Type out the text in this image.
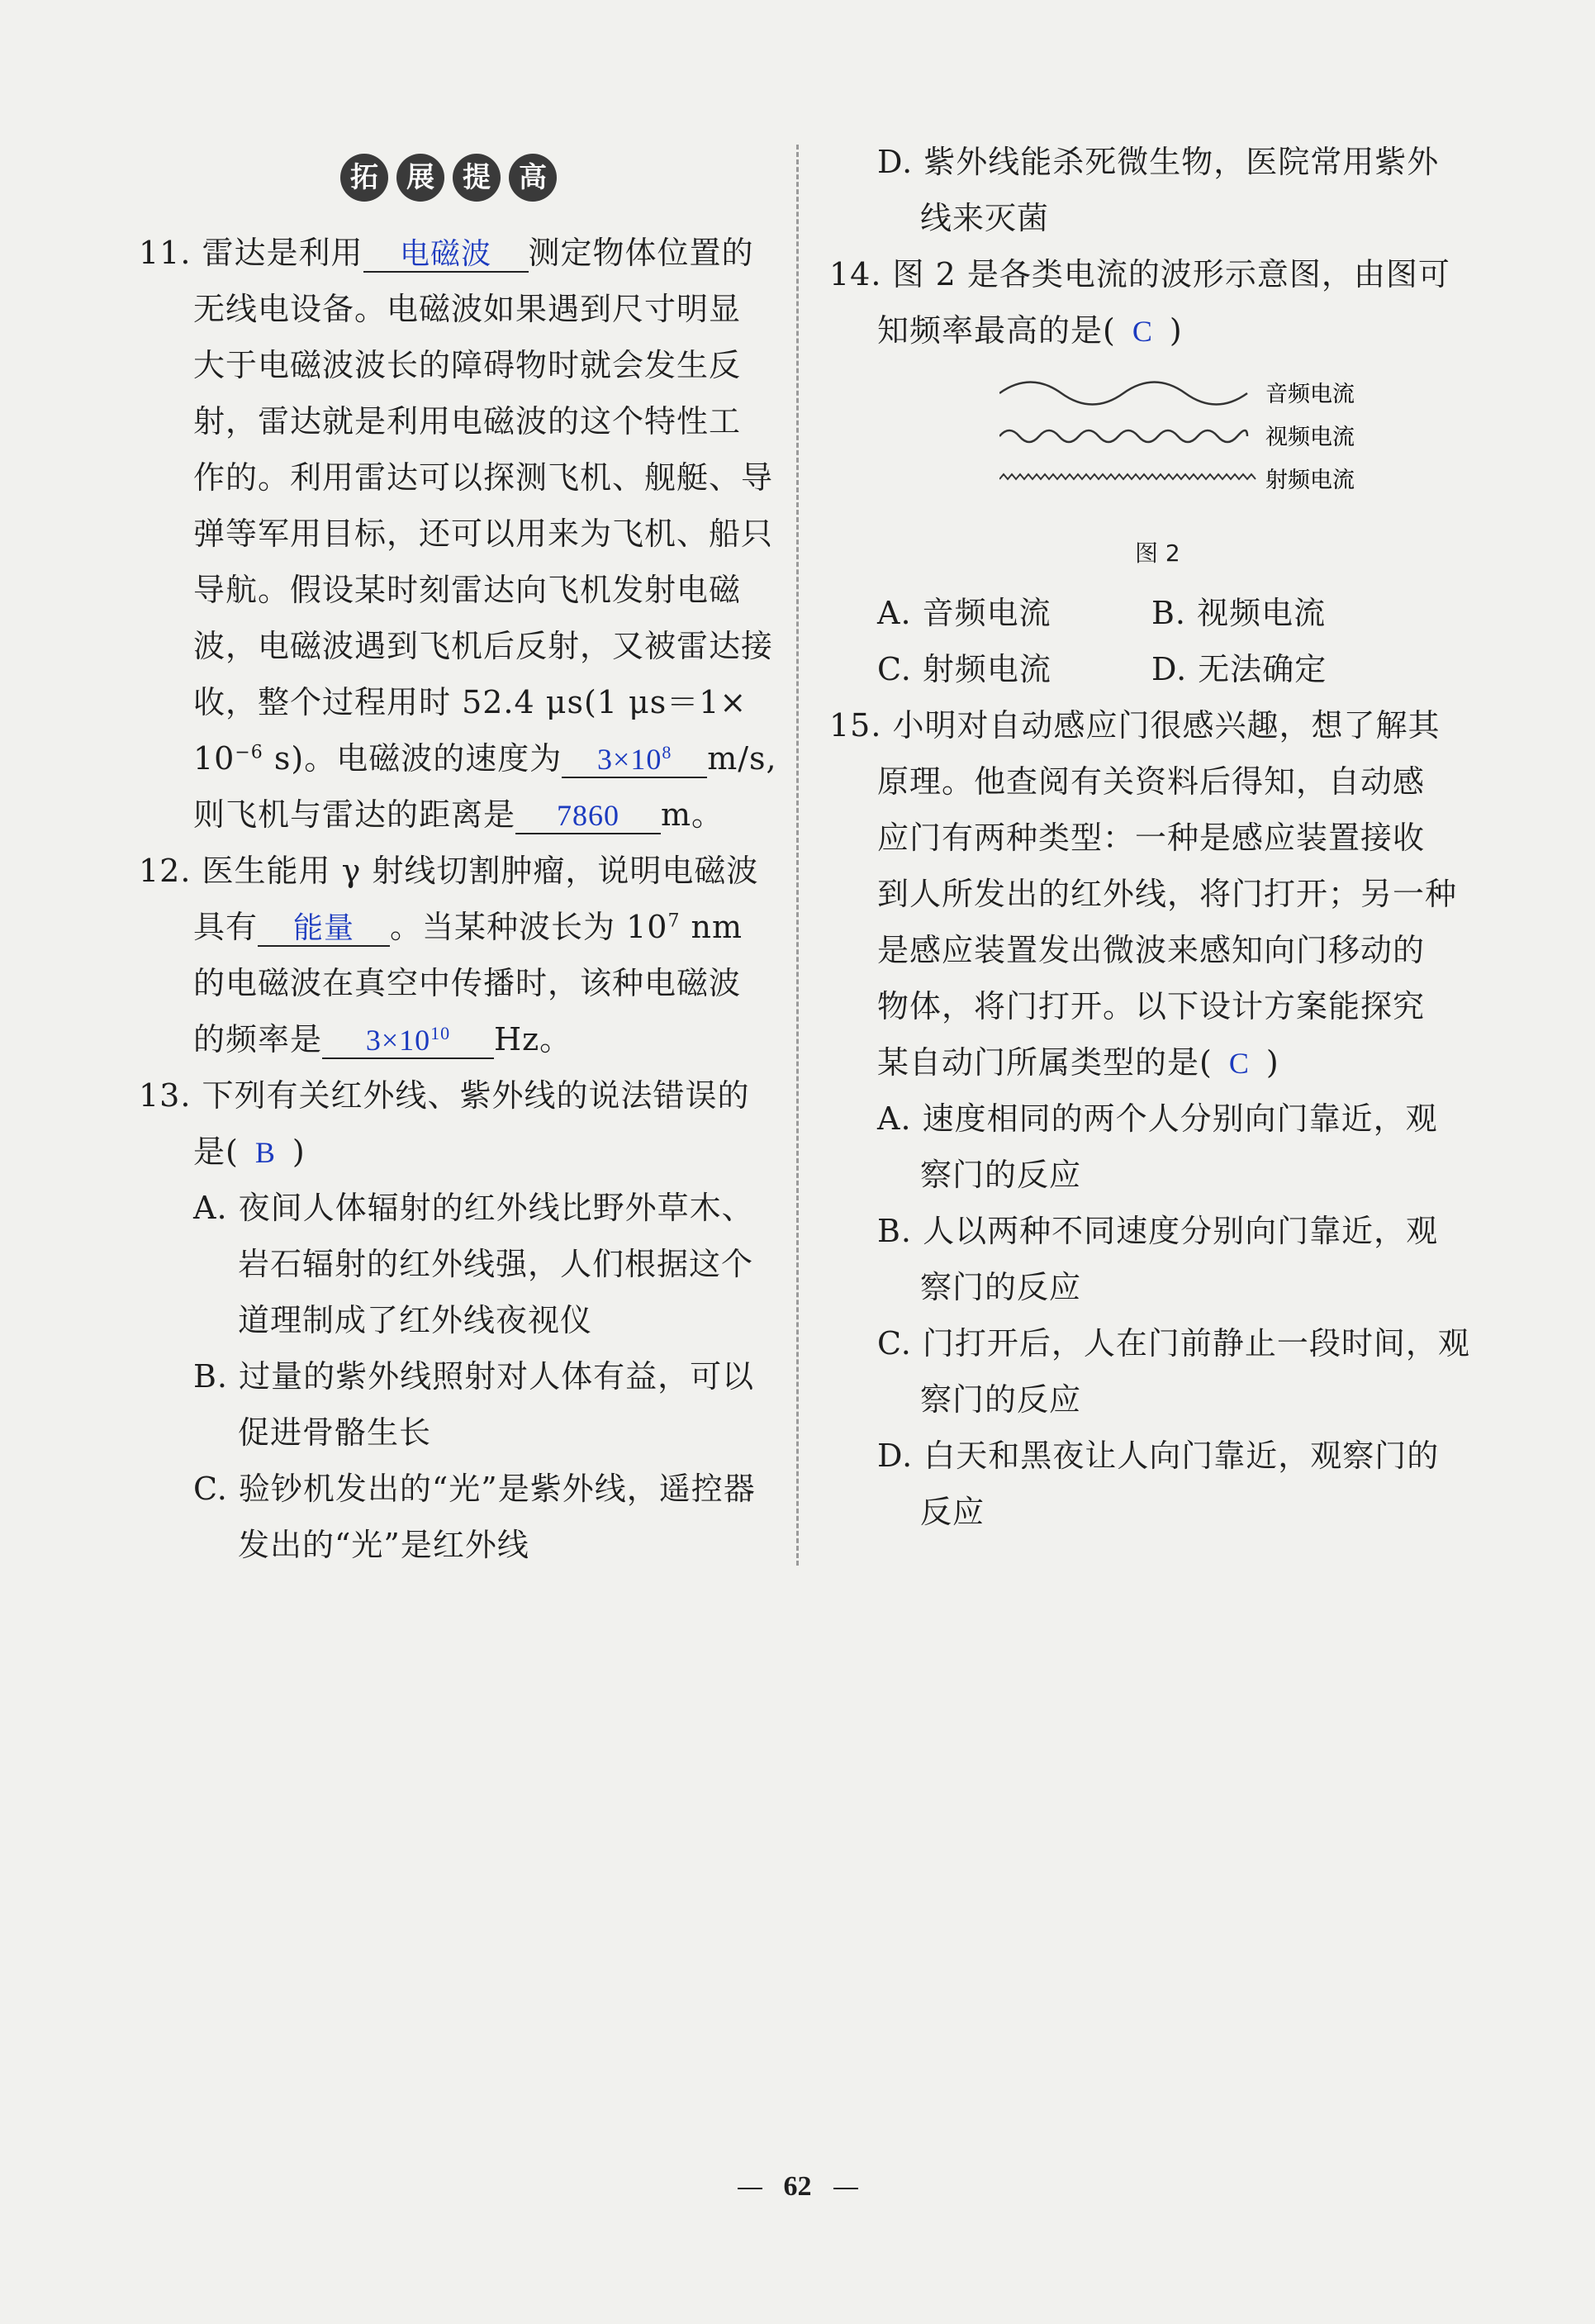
拓	展	提	高
11. 雷达是利用 电磁波 测定物体位置的
无线电设备。电磁波如果遇到尺寸明显
大于电磁波波长的障碍物时就会发生反
射，雷达就是利用电磁波的这个特性工
作的。利用雷达可以探测飞机、舰艇、导
弹等军用目标，还可以用来为飞机、船只
导航。假设某时刻雷达向飞机发射电磁
波，电磁波遇到飞机后反射，又被雷达接
收，整个过程用时 52.4 μs(1 μs＝1×
$10^{-6}$ s)。电磁波的速度为 $3\times 10^8$ m/s,
则飞机与雷达的距离是 7860 m。
12. 医生能用 γ 射线切割肿瘤，说明电磁波
具有 能量 。当某种波长为 $10^7$ nm
的电磁波在真空中传播时，该种电磁波
的频率是 $3\times 10^{10}$ Hz。
13. 下列有关红外线、紫外线的说法错误的
是( B )
A. 夜间人体辐射的红外线比野外草木、
岩石辐射的红外线强，人们根据这个
道理制成了红外线夜视仪
B. 过量的紫外线照射对人体有益，可以
促进骨骼生长
C. 验钞机发出的“光”是紫外线，遥控器
发出的“光”是红外线
D. 紫外线能杀死微生物，医院常用紫外
线来灭菌
14. 图 2 是各类电流的波形示意图，由图可
知频率最高的是( C )
音频电流
视频电流
射频电流
图 2
A. 音频电流	B. 视频电流
C. 射频电流	D. 无法确定
15. 小明对自动感应门很感兴趣，想了解其
原理。他查阅有关资料后得知，自动感
应门有两种类型：一种是感应装置接收
到人所发出的红外线，将门打开；另一种
是感应装置发出微波来感知向门移动的
物体，将门打开。以下设计方案能探究
某自动门所属类型的是( C )
A. 速度相同的两个人分别向门靠近，观
察门的反应
B. 人以两种不同速度分别向门靠近，观
察门的反应
C. 门打开后，人在门前静止一段时间，观
察门的反应
D. 白天和黑夜让人向门靠近，观察门的
反应
62
